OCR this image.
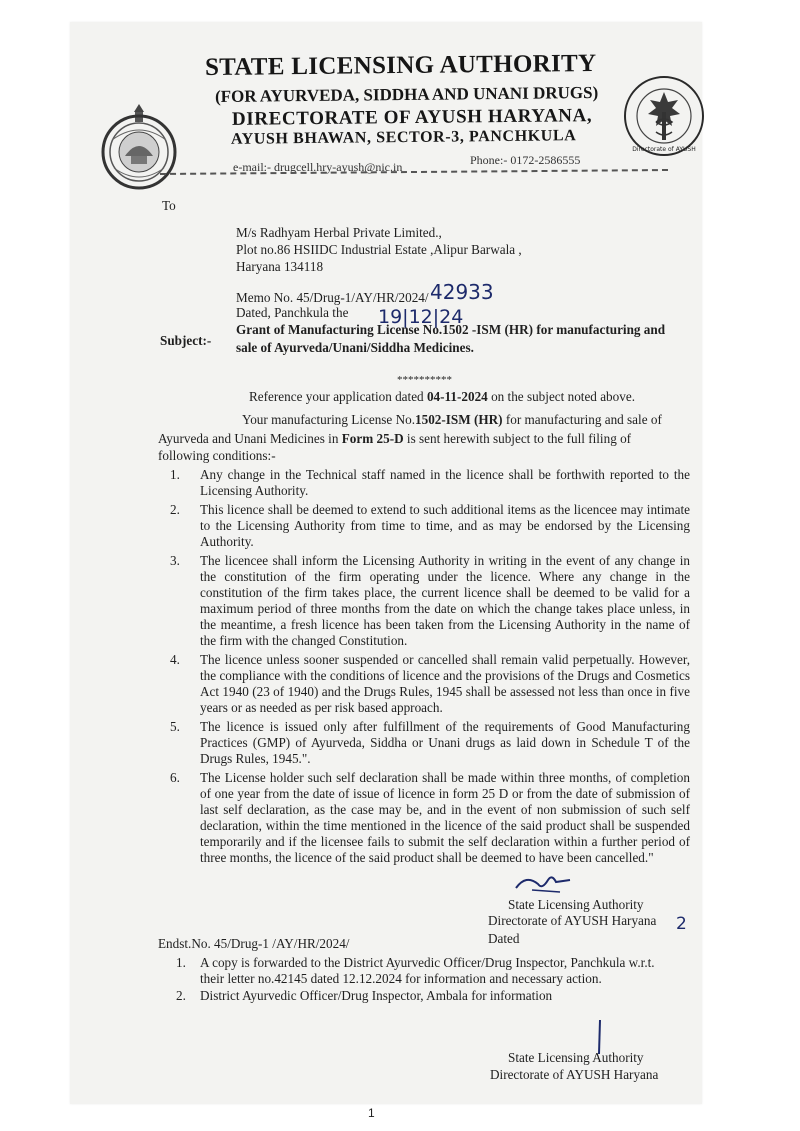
Directorate of AYUSH
STATE LICENSING AUTHORITY
(FOR AYURVEDA, SIDDHA AND UNANI DRUGS)
DIRECTORATE OF AYUSH HARYANA,
AYUSH BHAWAN, SECTOR-3, PANCHKULA
e-mail:- drugcell.hry-ayush@nic.in	Phone:- 0172-2586555
To
M/s Radhyam Herbal Private Limited.,
Plot no.86 HSIIDC Industrial Estate ,Alipur Barwala ,
Haryana 134118
Memo No. 45/Drug-1/AY/HR/2024/ 42933
Dated, Panchkula the 19|12|24
Subject:-
Grant of Manufacturing License No.1502 -ISM (HR) for manufacturing and
sale of Ayurveda/Unani/Siddha Medicines.
**********
Reference your application dated 04-11-2024 on the subject noted above.
Your manufacturing License No.1502-ISM (HR) for manufacturing and sale of
Ayurveda and Unani Medicines in Form 25-D is sent herewith subject to the full filing of
following conditions:-
1. Any change in the Technical staff named in the licence shall be forthwith reported to the Licensing Authority.
2. This licence shall be deemed to extend to such additional items as the licencee may intimate to the Licensing Authority from time to time, and as may be endorsed by the Licensing Authority.
3. The licencee shall inform the Licensing Authority in writing in the event of any change in the constitution of the firm operating under the licence. Where any change in the constitution of the firm takes place, the current licence shall be deemed to be valid for a maximum period of three months from the date on which the change takes place unless, in the meantime, a fresh licence has been taken from the Licensing Authority in the name of the firm with the changed Constitution.
4. The licence unless sooner suspended or cancelled shall remain valid perpetually. However, the compliance with the conditions of licence and the provisions of the Drugs and Cosmetics Act 1940 (23 of 1940) and the Drugs Rules, 1945 shall be assessed not less than once in five years or as needed as per risk based approach.
5. The licence is issued only after fulfillment of the requirements of Good Manufacturing Practices (GMP) of Ayurveda, Siddha or Unani drugs as laid down in Schedule T of the Drugs Rules, 1945.".
6. The License holder such self declaration shall be made within three months, of completion of one year from the date of issue of licence in form 25 D or from the date of submission of last self declaration, as the case may be, and in the event of non submission of such self declaration, within the time mentioned in the licence of the said product shall be suspended temporarily and if the licensee fails to submit the self declaration within a further period of three months, the licence of the said product shall be deemed to have been cancelled."
State Licensing Authority
Directorate of AYUSH Haryana 2
Dated
Endst.No. 45/Drug-1 /AY/HR/2024/
1. A copy is forwarded to the District Ayurvedic Officer/Drug Inspector, Panchkula w.r.t.
their letter no.42145 dated 12.12.2024 for information and necessary action.
2. District Ayurvedic Officer/Drug Inspector, Ambala for information
State Licensing Authority
Directorate of AYUSH Haryana
1
